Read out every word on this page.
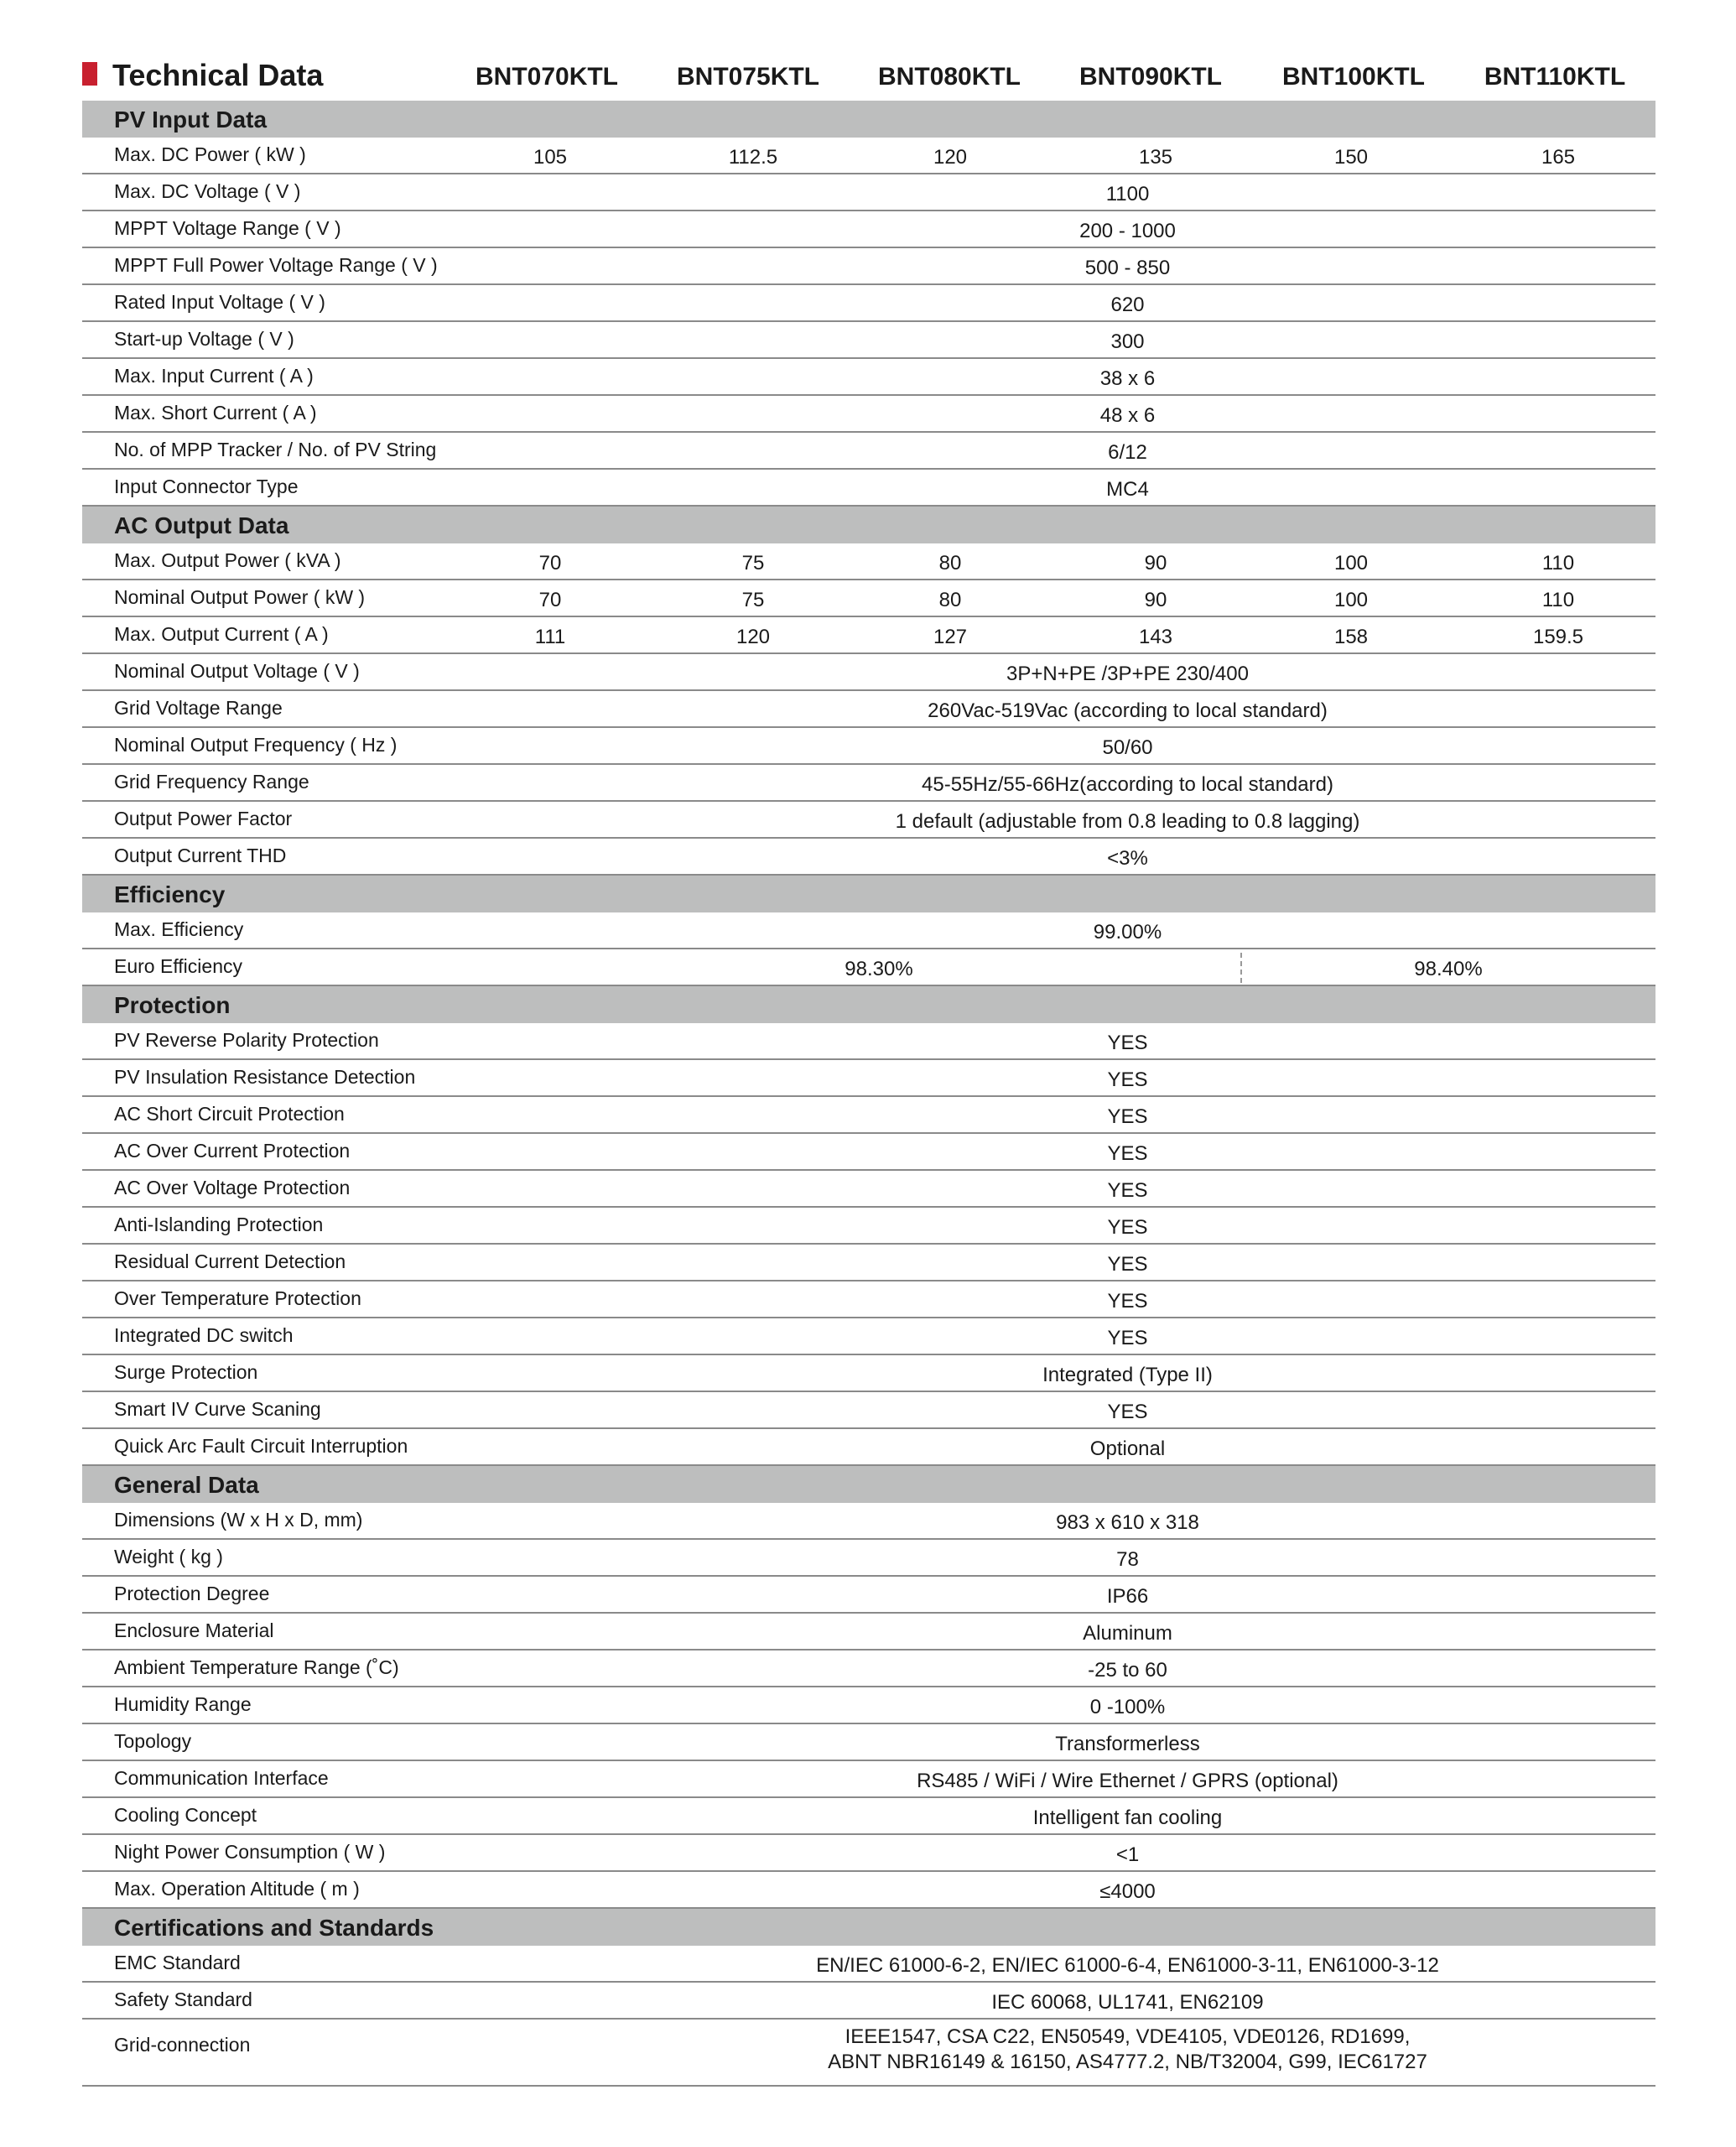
Technical Data	BNT070KTL	BNT075KTL	BNT080KTL	BNT090KTL	BNT100KTL	BNT110KTL
PV Input Data
Max. DC Power ( kW )	105	112.5	120	135	150	165
Max. DC Voltage ( V )	1100
MPPT Voltage Range ( V )	200 - 1000
MPPT Full Power Voltage Range ( V )	500 - 850
Rated Input Voltage ( V )	620
Start-up Voltage ( V )	300
Max. Input Current ( A )	38 x 6
Max. Short Current ( A )	48 x 6
No. of MPP Tracker / No. of PV String	6/12
Input Connector Type	MC4
AC Output Data
Max. Output Power ( kVA )	70	75	80	90	100	110
Nominal Output Power ( kW )	70	75	80	90	100	110
Max. Output Current ( A )	111	120	127	143	158	159.5
Nominal Output Voltage ( V )	3P+N+PE /3P+PE 230/400
Grid Voltage Range	260Vac-519Vac (according to local standard)
Nominal Output Frequency ( Hz )	50/60
Grid Frequency Range	45-55Hz/55-66Hz(according to local standard)
Output Power Factor	1 default (adjustable from 0.8 leading to 0.8 lagging)
Output Current THD	<3%
Efficiency
Max. Efficiency	99.00%
Euro Efficiency	98.30%	98.40%
Protection
PV Reverse Polarity Protection	YES
PV Insulation Resistance Detection	YES
AC Short Circuit Protection	YES
AC Over Current Protection	YES
AC Over Voltage Protection	YES
Anti-Islanding Protection	YES
Residual Current Detection	YES
Over Temperature Protection	YES
Integrated DC switch	YES
Surge Protection	Integrated (Type II)
Smart IV Curve Scaning	YES
Quick Arc Fault Circuit Interruption	Optional
General Data
Dimensions (W x H x D, mm)	983 x 610 x 318
Weight ( kg )	78
Protection Degree	IP66
Enclosure Material	Aluminum
Ambient Temperature Range (˚C)	-25 to 60
Humidity Range	0 -100%
Topology	Transformerless
Communication Interface	RS485 / WiFi / Wire Ethernet / GPRS (optional)
Cooling Concept	Intelligent fan cooling
Night Power Consumption ( W )	<1
Max. Operation Altitude ( m )	≤4000
Certifications and Standards
EMC Standard	EN/IEC 61000-6-2, EN/IEC 61000-6-4, EN61000-3-11, EN61000-3-12
Safety Standard	IEC 60068, UL1741, EN62109
Grid-connection	IEEE1547, CSA C22, EN50549, VDE4105, VDE0126, RD1699,
ABNT NBR16149 & 16150, AS4777.2, NB/T32004, G99, IEC61727
